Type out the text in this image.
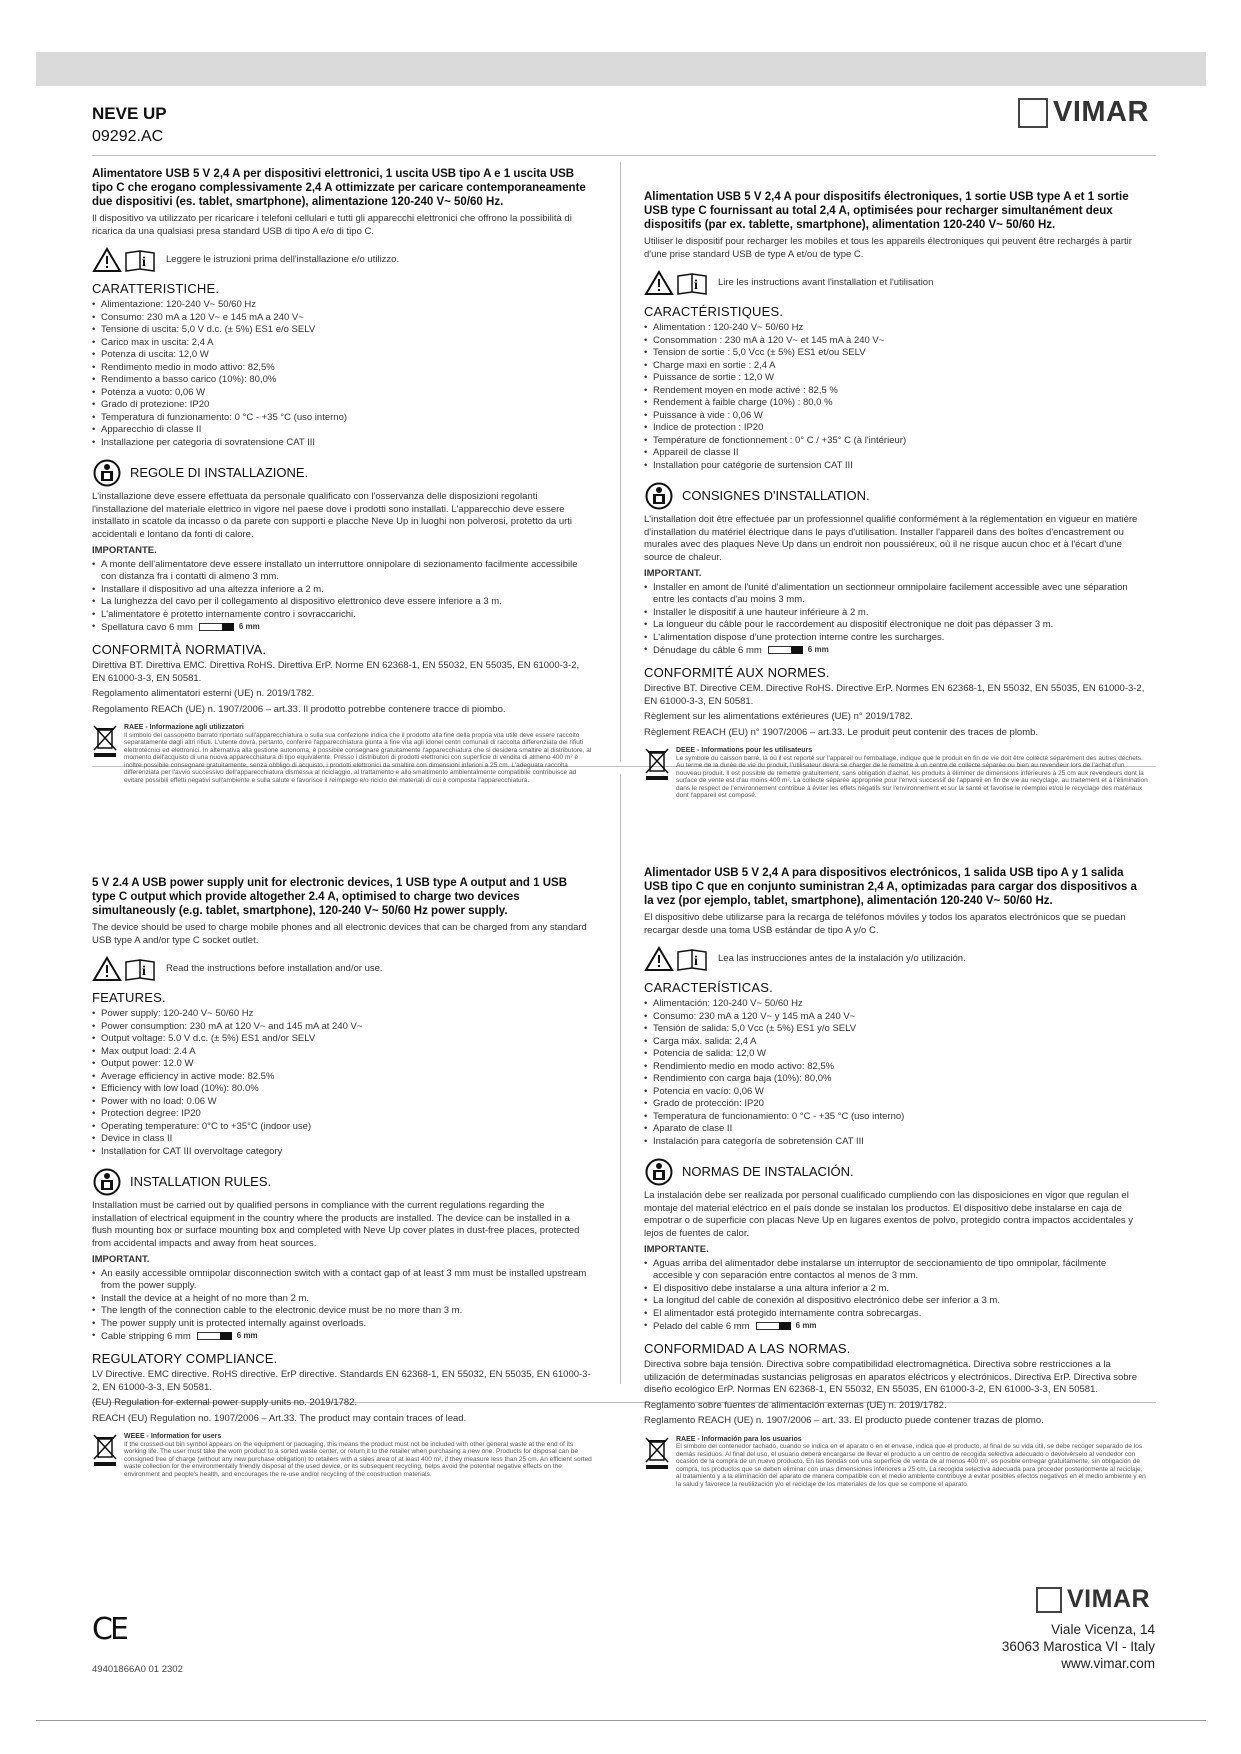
NEVE UP
09292.AC
VIMAR
Alimentatore USB 5 V 2,4 A per dispositivi elettronici, 1 uscita USB tipo A e 1 uscita USB tipo C che erogano complessivamente 2,4 A ottimizzate per caricare contemporaneamente due dispositivi (es. tablet, smartphone), alimentazione 120-240 V~ 50/60 Hz.
Il dispositivo va utilizzato per ricaricare i telefoni cellulari e tutti gli apparecchi elettronici che offrono la possibilità di ricarica da una qualsiasi presa standard USB di tipo A e/o di tipo C.
i Leggere le istruzioni prima dell'installazione e/o utilizzo.
CARATTERISTICHE.
• Alimentazione: 120-240 V~ 50/60 Hz
• Consumo: 230 mA a 120 V~ e 145 mA a 240 V~
• Tensione di uscita: 5,0 V d.c. (± 5%) ES1 e/o SELV
• Carico max in uscita: 2,4 A
• Potenza di uscita: 12,0 W
• Rendimento medio in modo attivo: 82,5%
• Rendimento a basso carico (10%): 80,0%
• Potenza a vuoto: 0,06 W
• Grado di protezione: IP20
• Temperatura di funzionamento: 0 °C - +35 °C (uso interno)
• Apparecchio di classe II
• Installazione per categoria di sovratensione CAT III
REGOLE DI INSTALLAZIONE.
L'installazione deve essere effettuata da personale qualificato con l'osservanza delle disposizioni regolanti l'installazione del materiale elettrico in vigore nel paese dove i prodotti sono installati. L'apparecchio deve essere installato in scatole da incasso o da parete con supporti e placche Neve Up in luoghi non polverosi, protetto da urti accidentali e lontano da fonti di calore.
IMPORTANTE.
• A monte dell'alimentatore deve essere installato un interruttore onnipolare di sezionamento facilmente accessibile con distanza fra i contatti di almeno 3 mm.
• Installare il dispositivo ad una altezza inferiore a 2 m.
• La lunghezza del cavo per il collegamento al dispositivo elettronico deve essere inferiore a 3 m.
• L'alimentatore è protetto internamente contro i sovraccarichi.
• Spellatura cavo 6 mm	6 mm
CONFORMITÀ NORMATIVA.
Direttiva BT. Direttiva EMC. Direttiva RoHS. Direttiva ErP. Norme EN 62368-1, EN 55032, EN 55035, EN 61000-3-2, EN 61000-3-3, EN 50581.
Regolamento alimentatori esterni (UE) n. 2019/1782.
Regolamento REACh (UE) n. 1907/2006 – art.33. Il prodotto potrebbe contenere tracce di piombo.
RAEE - Informazione agli utilizzatori
Il simbolo del cassonetto barrato riportato sull'apparecchiatura o sulla sua confezione indica che il prodotto alla fine della propria vita utile deve essere raccolto separatamente dagli altri rifiuti. L'utente dovrà, pertanto, conferire l'apparecchiatura giunta a fine vita agli idonei centri comunali di raccolta differenziata dei rifiuti elettrotecnici ed elettronici. In alternativa alla gestione autonoma, è possibile consegnare gratuitamente l'apparecchiatura che si desidera smaltire al distributore, al momento dell'acquisto di una nuova apparecchiatura di tipo equivalente. Presso i distributori di prodotti elettronici con superficie di vendita di almeno 400 m² è inoltre possibile consegnare gratuitamente, senza obbligo di acquisto, i prodotti elettronici da smaltire con dimensioni inferiori a 25 cm. L'adeguata raccolta differenziata per l'avvio successivo dell'apparecchiatura dismessa al riciclaggio, al trattamento e allo smaltimento ambientalmente compatibile contribuisce ad evitare possibili effetti negativi sull'ambiente e sulla salute e favorisce il reimpiego e/o riciclo dei materiali di cui è composta l'apparecchiatura.
Alimentation USB 5 V 2,4 A pour dispositifs électroniques, 1 sortie USB type A et 1 sortie USB type C fournissant au total 2,4 A, optimisées pour recharger simultanément deux dispositifs (par ex. tablette, smartphone), alimentation 120-240 V~ 50/60 Hz.
Utiliser le dispositif pour recharger les mobiles et tous les appareils électroniques qui peuvent être rechargés à partir d'une prise standard USB de type A et/ou de type C.
i Lire les instructions avant l'installation et l'utilisation
CARACTÉRISTIQUES.
• Alimentation : 120-240 V~ 50/60 Hz
• Consommation : 230 mA à 120 V~ et 145 mA à 240 V~
• Tension de sortie : 5,0 Vcc (± 5%) ES1 et/ou SELV
• Charge maxi en sortie : 2,4 A
• Puissance de sortie : 12,0 W
• Rendement moyen en mode activé : 82,5 %
• Rendement à faible charge (10%) : 80,0 %
• Puissance à vide : 0,06 W
• Indice de protection : IP20
• Température de fonctionnement : 0° C / +35° C (à l'intérieur)
• Appareil de classe II
• Installation pour catégorie de surtension CAT III
CONSIGNES D'INSTALLATION.
L'installation doit être effectuée par un professionnel qualifié conformément à la réglementation en vigueur en matière d'installation du matériel électrique dans le pays d'utilisation. Installer l'appareil dans des boîtes d'encastrement ou murales avec des plaques Neve Up dans un endroit non poussiéreux, où il ne risque aucun choc et à l'écart d'une source de chaleur.
IMPORTANT.
• Installer en amont de l'unité d'alimentation un sectionneur omnipolaire facilement accessible avec une séparation entre les contacts d'au moins 3 mm.
• Installer le dispositif à une hauteur inférieure à 2 m.
• La longueur du câble pour le raccordement au dispositif électronique ne doit pas dépasser 3 m.
• L'alimentation dispose d'une protection interne contre les surcharges.
• Dénudage du câble 6 mm	6 mm
CONFORMITÉ AUX NORMES.
Directive BT. Directive CEM. Directive RoHS. Directive ErP. Normes EN 62368-1, EN 55032, EN 55035, EN 61000-3-2, EN 61000-3-3, EN 50581.
Règlement sur les alimentations extérieures (UE) n° 2019/1782.
Règlement REACH (EU) n° 1907/2006 – art.33. Le produit peut contenir des traces de plomb.
DEEE - Informations pour les utilisateurs
Le symbole du caisson barré, là où il est reporté sur l'appareil ou l'emballage, indique que le produit en fin de vie doit être collecté séparément des autres déchets. Au terme de la durée de vie du produit, l'utilisateur devra se charger de le remettre à un centre de collecte séparée ou bien au revendeur lors de l'achat d'un nouveau produit. Il est possible de remettre gratuitement, sans obligation d'achat, les produits à éliminer de dimensions inférieures à 25 cm aux revendeurs dont la surface de vente est d'au moins 400 m². La collecte séparée appropriée pour l'envoi successif de l'appareil en fin de vie au recyclage, au traitement et à l'élimination dans le respect de l'environnement contribue à éviter les effets négatifs sur l'environnement et sur la santé et favorise le réemploi et/ou le recyclage des matériaux dont l'appareil est composé.
5 V 2.4 A USB power supply unit for electronic devices, 1 USB type A output and 1 USB type C output which provide altogether 2.4 A, optimised to charge two devices simultaneously (e.g. tablet, smartphone), 120-240 V~ 50/60 Hz power supply.
The device should be used to charge mobile phones and all electronic devices that can be charged from any standard USB type A and/or type C socket outlet.
i Read the instructions before installation and/or use.
FEATURES.
• Power supply: 120-240 V~ 50/60 Hz
• Power consumption: 230 mA at 120 V~ and 145 mA at 240 V~
• Output voltage: 5.0 V d.c. (± 5%) ES1 and/or SELV
• Max output load: 2.4 A
• Output power: 12.0 W
• Average efficiency in active mode: 82.5%
• Efficiency with low load (10%): 80.0%
• Power with no load: 0.06 W
• Protection degree: IP20
• Operating temperature: 0°C to +35°C (indoor use)
• Device in class II
• Installation for CAT III overvoltage category
INSTALLATION RULES.
Installation must be carried out by qualified persons in compliance with the current regulations regarding the installation of electrical equipment in the country where the products are installed. The device can be installed in a flush mounting box or surface mounting box and completed with Neve Up cover plates in dust-free places, protected from accidental impacts and away from heat sources.
IMPORTANT.
• An easily accessible omnipolar disconnection switch with a contact gap of at least 3 mm must be installed upstream from the power supply.
• Install the device at a height of no more than 2 m.
• The length of the connection cable to the electronic device must be no more than 3 m.
• The power supply unit is protected internally against overloads.
• Cable stripping 6 mm	6 mm
REGULATORY COMPLIANCE.
LV Directive. EMC directive. RoHS directive. ErP directive. Standards EN 62368-1, EN 55032, EN 55035, EN 61000-3-2, EN 61000-3-3, EN 50581.
(EU) Regulation for external power supply units no. 2019/1782.
REACH (EU) Regulation no. 1907/2006 – Art.33. The product may contain traces of lead.
WEEE - Information for users
If the crossed-out bin symbol appears on the equipment or packaging, this means the product must not be included with other general waste at the end of its working life. The user must take the worn product to a sorted waste center, or return it to the retailer when purchasing a new one. Products for disposal can be consigned free of charge (without any new purchase obligation) to retailers with a sales area of at least 400 m², if they measure less than 25 cm. An efficient sorted waste collection for the environmentally friendly disposal of the used device, or its subsequent recycling, helps avoid the potential negative effects on the environment and people's health, and encourages the re-use and/or recycling of the construction materials.
Alimentador USB 5 V 2,4 A para dispositivos electrónicos, 1 salida USB tipo A y 1 salida USB tipo C que en conjunto suministran 2,4 A, optimizadas para cargar dos dispositivos a la vez (por ejemplo, tablet, smartphone), alimentación 120-240 V~ 50/60 Hz.
El dispositivo debe utilizarse para la recarga de teléfonos móviles y todos los aparatos electrónicos que se puedan recargar desde una toma USB estándar de tipo A y/o C.
i Lea las instrucciones antes de la instalación y/o utilización.
CARACTERÍSTICAS.
• Alimentación: 120-240 V~ 50/60 Hz
• Consumo: 230 mA a 120 V~ y 145 mA a 240 V~
• Tensión de salida: 5,0 Vcc (± 5%) ES1 y/o SELV
• Carga máx. salida: 2,4 A
• Potencia de salida: 12,0 W
• Rendimiento medio en modo activo: 82,5%
• Rendimiento con carga baja (10%): 80,0%
• Potencia en vacío: 0,06 W
• Grado de protección: IP20
• Temperatura de funcionamiento: 0 °C - +35 °C (uso interno)
• Aparato de clase II
• Instalación para categoría de sobretensión CAT III
NORMAS DE INSTALACIÓN.
La instalación debe ser realizada por personal cualificado cumpliendo con las disposiciones en vigor que regulan el montaje del material eléctrico en el país donde se instalan los productos. El dispositivo debe instalarse en caja de empotrar o de superficie con placas Neve Up en lugares exentos de polvo, protegido contra impactos accidentales y lejos de fuentes de calor.
IMPORTANTE.
• Aguas arriba del alimentador debe instalarse un interruptor de seccionamiento de tipo omnipolar, fácilmente accesible y con separación entre contactos al menos de 3 mm.
• El dispositivo debe instalarse a una altura inferior a 2 m.
• La longitud del cable de conexión al dispositivo electrónico debe ser inferior a 3 m.
• El alimentador está protegido internamente contra sobrecargas.
• Pelado del cable 6 mm	6 mm
CONFORMIDAD A LAS NORMAS.
Directiva sobre baja tensión. Directiva sobre compatibilidad electromagnética. Directiva sobre restricciones a la utilización de determinadas sustancias peligrosas en aparatos eléctricos y electrónicos. Directiva ErP. Directiva sobre diseño ecológico ErP. Normas EN 62368-1, EN 55032, EN 55035, EN 61000-3-2, EN 61000-3-3, EN 50581.
Reglamento sobre fuentes de alimentación externas (UE) n. 2019/1782.
Reglamento REACH (UE) n. 1907/2006 – art. 33. El producto puede contener trazas de plomo.
RAEE - Información para los usuarios
El símbolo del contenedor tachado, cuando se indica en el aparato o en el envase, indica que el producto, al final de su vida útil, se debe recoger separado de los demás residuos. Al final del uso, el usuario deberá encargarse de llevar el producto a un centro de recogida selectiva adecuado o devolvérselo al vendedor con ocasión de la compra de un nuevo producto. En las tiendas con una superficie de venta de al menos 400 m², es posible entregar gratuitamente, sin obligación de compra, los productos que se deben eliminar con unas dimensiones inferiores a 25 cm. La recogida selectiva adecuada para proceder posteriormente al reciclaje, al tratamiento y a la eliminación del aparato de manera compatible con el medio ambiente contribuye a evitar posibles efectos negativos en el medio ambiente y en la salud y favorece la reutilización y/o el reciclaje de los materiales de los que se compone el aparato.
CE
49401866A0 01 2302
VIMAR
Viale Vicenza, 14
36063 Marostica VI - Italy
www.vimar.com
